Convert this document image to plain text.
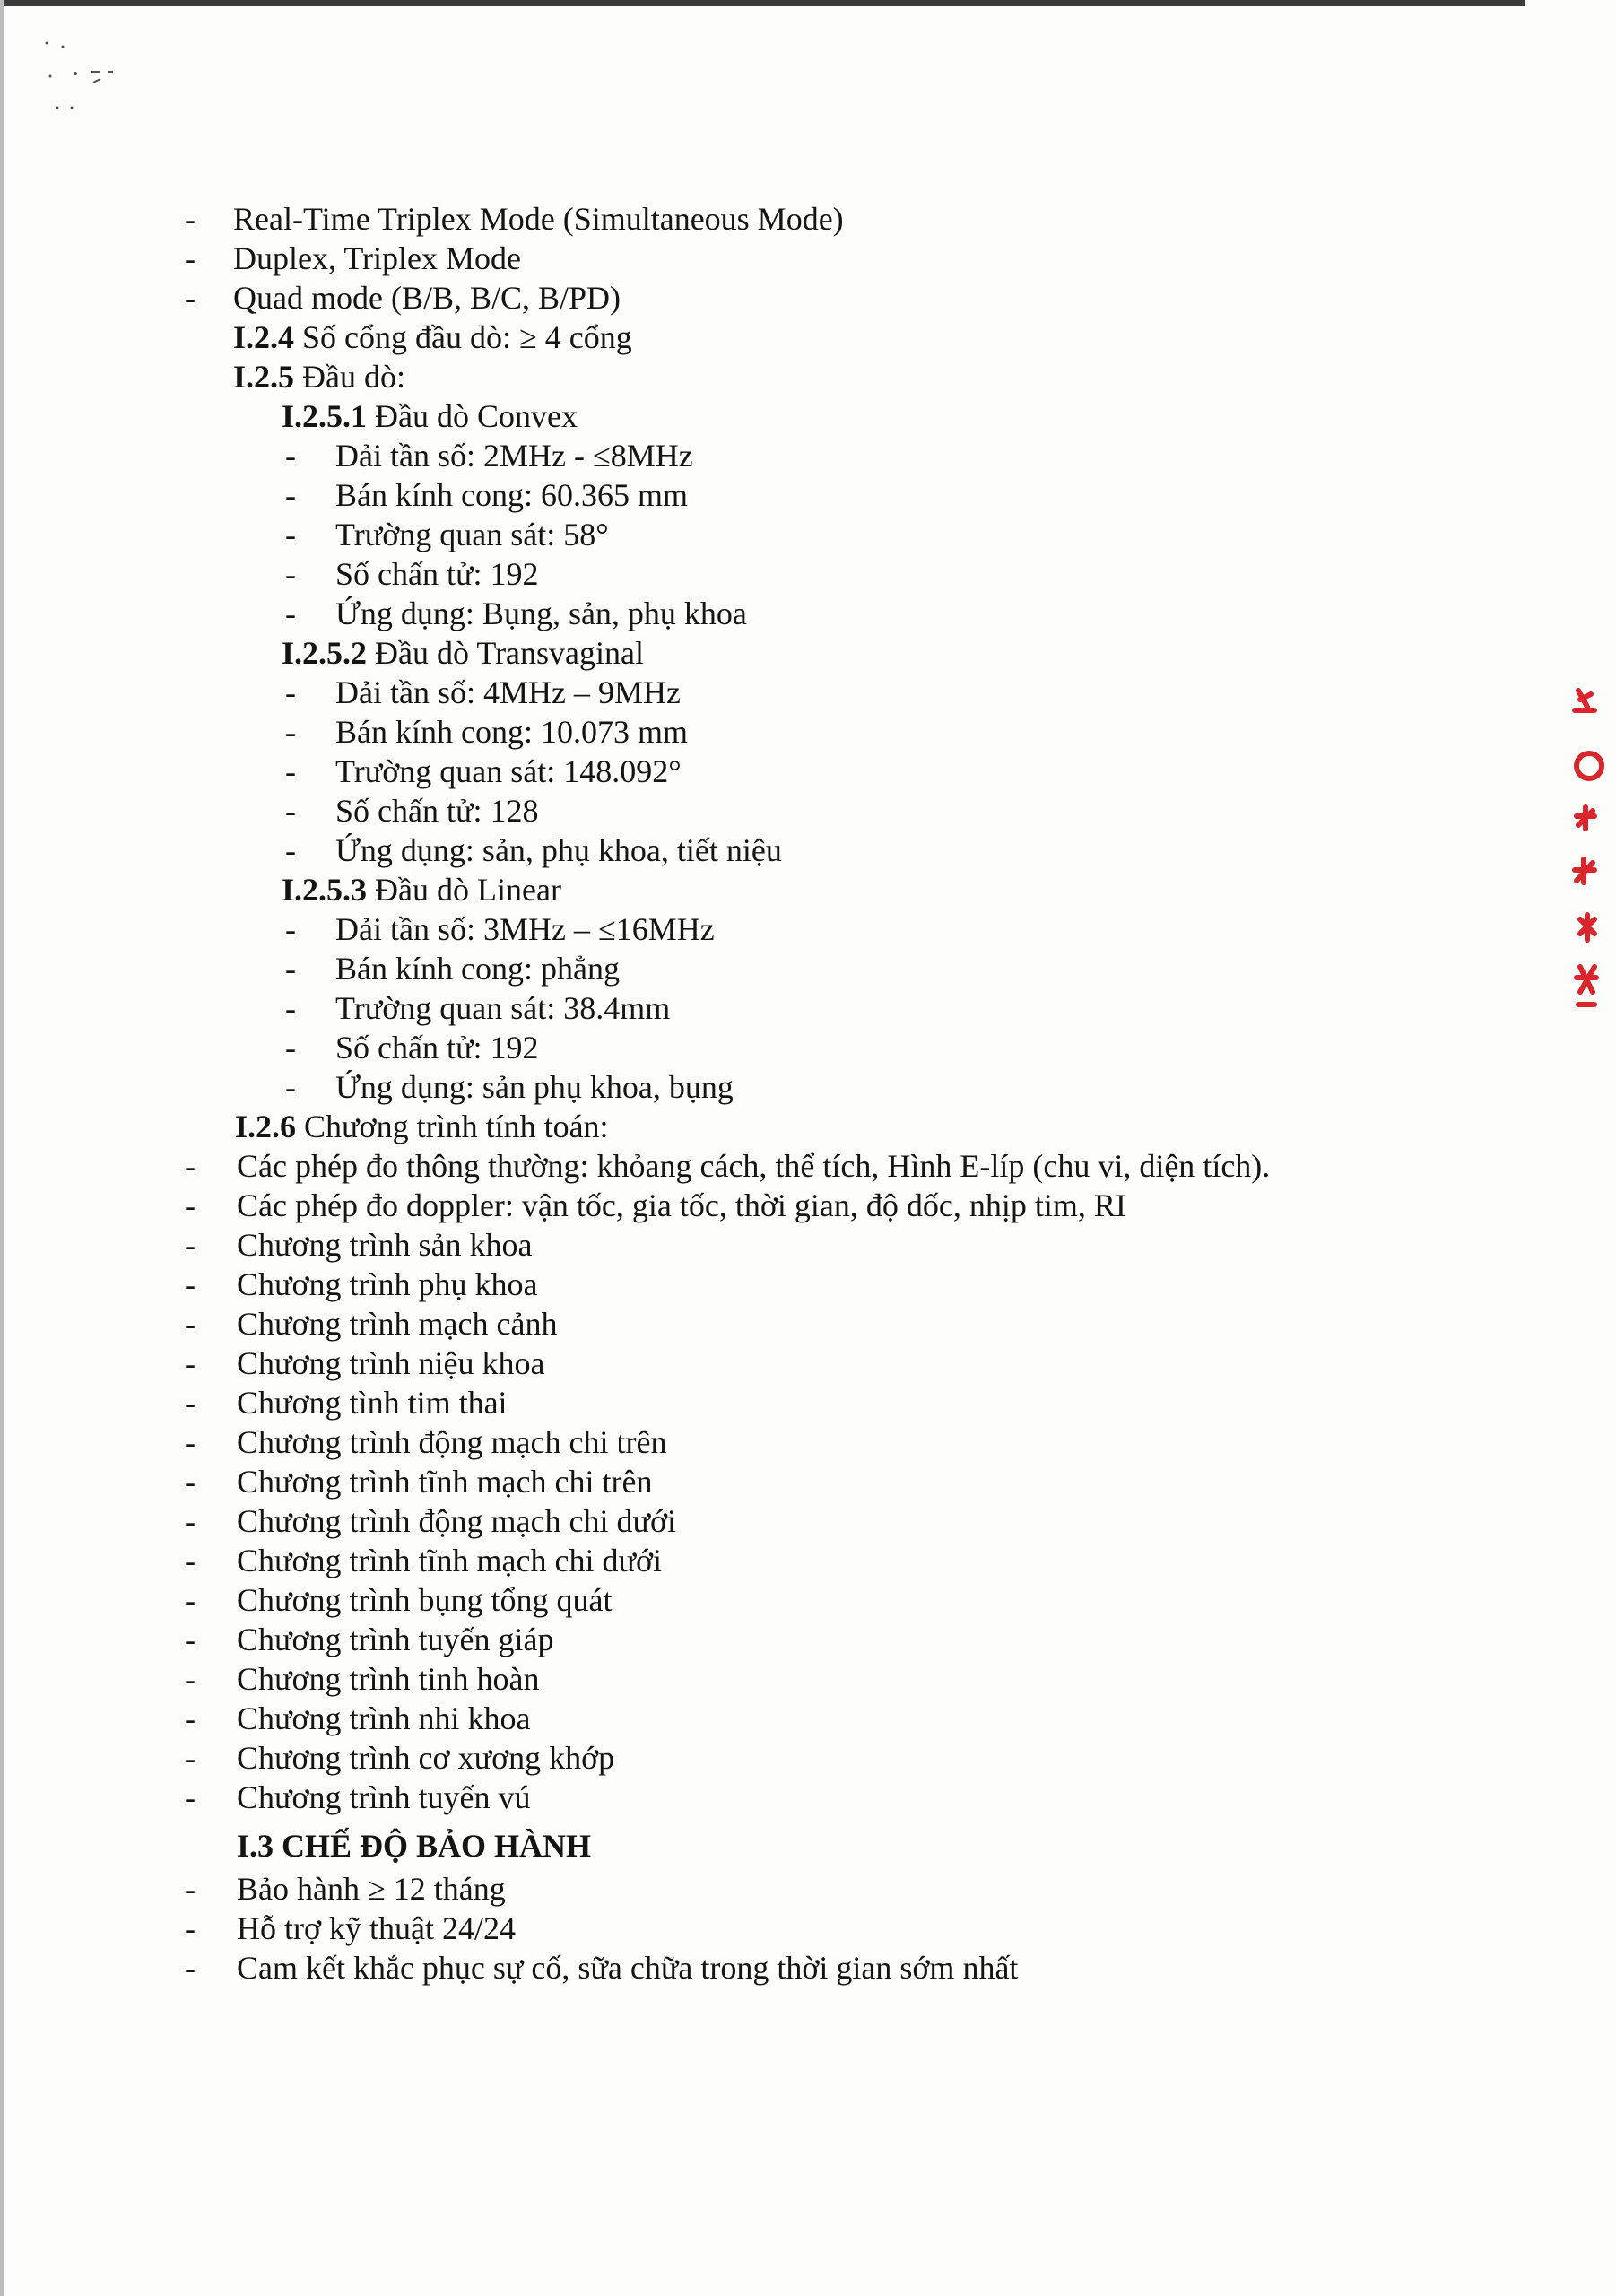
- Real-Time Triplex Mode (Simultaneous Mode)
- Duplex, Triplex Mode
- Quad mode (B/B, B/C, B/PD)
I.2.4 Số cổng đầu dò: ≥ 4 cổng
I.2.5 Đầu dò:
I.2.5.1 Đầu dò Convex
- Dải tần số: 2MHz - ≤8MHz
- Bán kính cong: 60.365 mm
- Trường quan sát: 58°
- Số chấn tử: 192
- Ứng dụng: Bụng, sản, phụ khoa
I.2.5.2 Đầu dò Transvaginal
- Dải tần số: 4MHz – 9MHz
- Bán kính cong: 10.073 mm
- Trường quan sát: 148.092°
- Số chấn tử: 128
- Ứng dụng: sản, phụ khoa, tiết niệu
I.2.5.3 Đầu dò Linear
- Dải tần số: 3MHz – ≤16MHz
- Bán kính cong: phẳng
- Trường quan sát: 38.4mm
- Số chấn tử: 192
- Ứng dụng: sản phụ khoa, bụng
I.2.6 Chương trình tính toán:
- Các phép đo thông thường: khỏang cách, thể tích, Hình E-líp (chu vi, diện tích).
- Các phép đo doppler: vận tốc, gia tốc, thời gian, độ dốc, nhịp tim, RI
- Chương trình sản khoa
- Chương trình phụ khoa
- Chương trình mạch cảnh
- Chương trình niệu khoa
- Chương tình tim thai
- Chương trình động mạch chi trên
- Chương trình tĩnh mạch chi trên
- Chương trình động mạch chi dưới
- Chương trình tĩnh mạch chi dưới
- Chương trình bụng tổng quát
- Chương trình tuyến giáp
- Chương trình tinh hoàn
- Chương trình nhi khoa
- Chương trình cơ xương khớp
- Chương trình tuyến vú
I.3 CHẾ ĐỘ BẢO HÀNH
- Bảo hành ≥ 12 tháng
- Hỗ trợ kỹ thuật 24/24
- Cam kết khắc phục sự cố, sữa chữa trong thời gian sớm nhất
